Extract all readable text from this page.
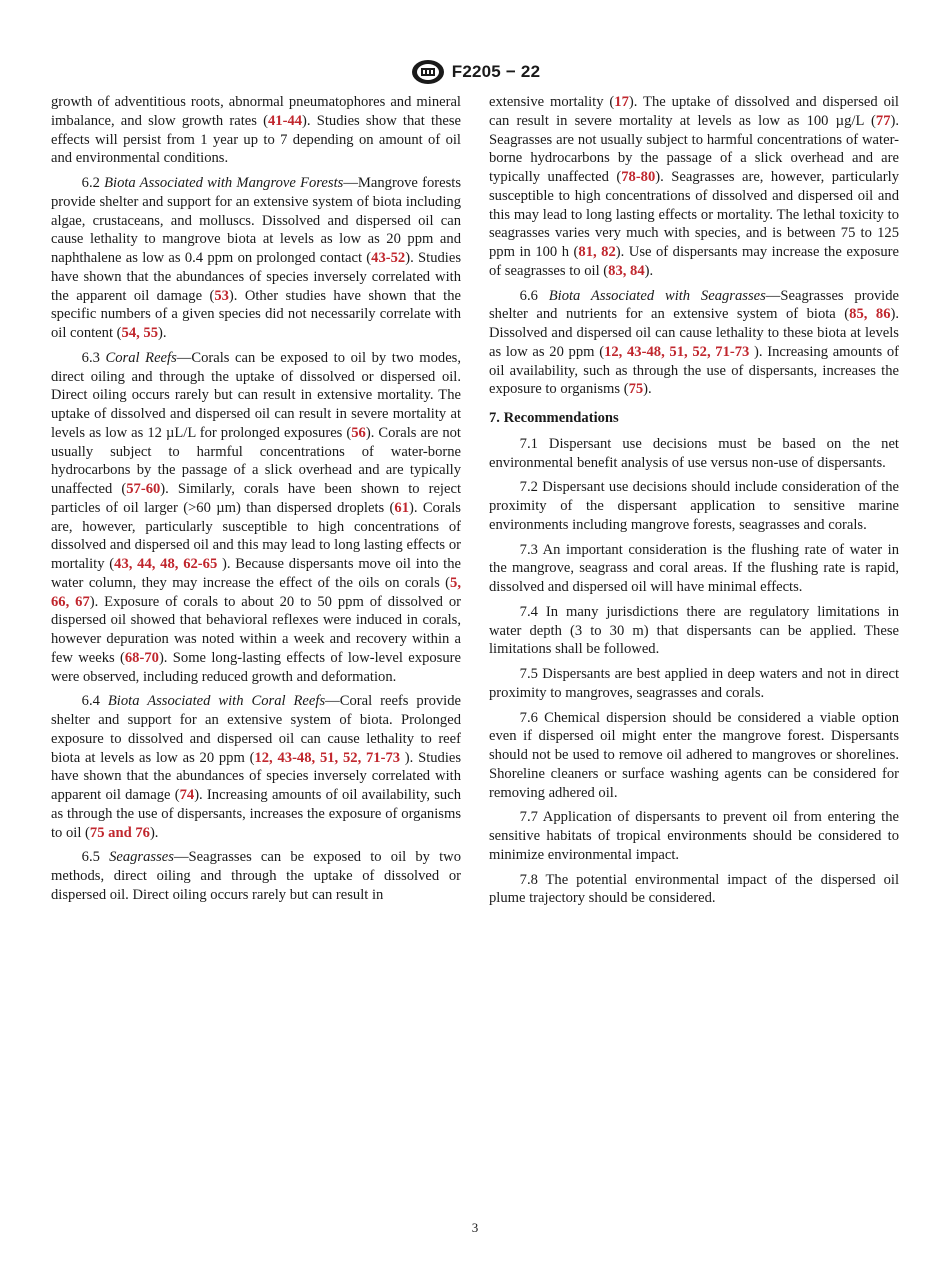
F2205 − 22

growth of adventitious roots, abnormal pneumatophores and mineral imbalance, and slow growth rates (41-44). Studies show that these effects will persist from 1 year up to 7 depending on amount of oil and environmental conditions.

6.2 Biota Associated with Mangrove Forests—Mangrove forests provide shelter and support for an extensive system of biota including algae, crustaceans, and molluscs. Dissolved and dispersed oil can cause lethality to mangrove biota at levels as low as 20 ppm and naphthalene as low as 0.4 ppm on prolonged contact (43-52). Studies have shown that the abundances of species inversely correlated with the apparent oil damage (53). Other studies have shown that the specific numbers of a given species did not necessarily correlate with oil content (54, 55).

6.3 Coral Reefs—Corals can be exposed to oil by two modes, direct oiling and through the uptake of dissolved or dispersed oil. Direct oiling occurs rarely but can result in extensive mortality. The uptake of dissolved and dispersed oil can result in severe mortality at levels as low as 12 µL/L for prolonged exposures (56). Corals are not usually subject to harmful concentrations of water-borne hydrocarbons by the passage of a slick overhead and are typically unaffected (57-60). Similarly, corals have been shown to reject particles of oil larger (>60 µm) than dispersed droplets (61). Corals are, however, particularly susceptible to high concentrations of dissolved and dispersed oil and this may lead to long lasting effects or mortality (43, 44, 48, 62-65 ). Because dispersants move oil into the water column, they may increase the effect of the oils on corals (5, 66, 67). Exposure of corals to about 20 to 50 ppm of dissolved or dispersed oil showed that behavioral reflexes were induced in corals, however depuration was noted within a week and recovery within a few weeks (68-70). Some long-lasting effects of low-level exposure were observed, including reduced growth and deformation.

6.4 Biota Associated with Coral Reefs—Coral reefs provide shelter and support for an extensive system of biota. Prolonged exposure to dissolved and dispersed oil can cause lethality to reef biota at levels as low as 20 ppm (12, 43-48, 51, 52, 71-73 ). Studies have shown that the abundances of species inversely correlated with apparent oil damage (74). Increasing amounts of oil availability, such as through the use of dispersants, increases the exposure of organisms to oil (75 and 76).

6.5 Seagrasses—Seagrasses can be exposed to oil by two methods, direct oiling and through the uptake of dissolved or dispersed oil. Direct oiling occurs rarely but can result in

extensive mortality (17). The uptake of dissolved and dispersed oil can result in severe mortality at levels as low as 100 µg/L (77). Seagrasses are not usually subject to harmful concentrations of water-borne hydrocarbons by the passage of a slick overhead and are typically unaffected (78-80). Seagrasses are, however, particularly susceptible to high concentrations of dissolved and dispersed oil and this may lead to long lasting effects or mortality. The lethal toxicity to seagrasses varies very much with species, and is between 75 to 125 ppm in 100 h (81, 82). Use of dispersants may increase the exposure of seagrasses to oil (83, 84).

6.6 Biota Associated with Seagrasses—Seagrasses provide shelter and nutrients for an extensive system of biota (85, 86). Dissolved and dispersed oil can cause lethality to these biota at levels as low as 20 ppm (12, 43-48, 51, 52, 71-73 ). Increasing amounts of oil availability, such as through the use of dispersants, increases the exposure to organisms (75).

7. Recommendations

7.1 Dispersant use decisions must be based on the net environmental benefit analysis of use versus non-use of dispersants.

7.2 Dispersant use decisions should include consideration of the proximity of the dispersant application to sensitive marine environments including mangrove forests, seagrasses and corals.

7.3 An important consideration is the flushing rate of water in the mangrove, seagrass and coral areas. If the flushing rate is rapid, dissolved and dispersed oil will have minimal effects.

7.4 In many jurisdictions there are regulatory limitations in water depth (3 to 30 m) that dispersants can be applied. These limitations shall be followed.

7.5 Dispersants are best applied in deep waters and not in direct proximity to mangroves, seagrasses and corals.

7.6 Chemical dispersion should be considered a viable option even if dispersed oil might enter the mangrove forest. Dispersants should not be used to remove oil adhered to mangroves or shorelines. Shoreline cleaners or surface washing agents can be considered for removing adhered oil.

7.7 Application of dispersants to prevent oil from entering the sensitive habitats of tropical environments should be considered to minimize environmental impact.

7.8 The potential environmental impact of the dispersed oil plume trajectory should be considered.

3
